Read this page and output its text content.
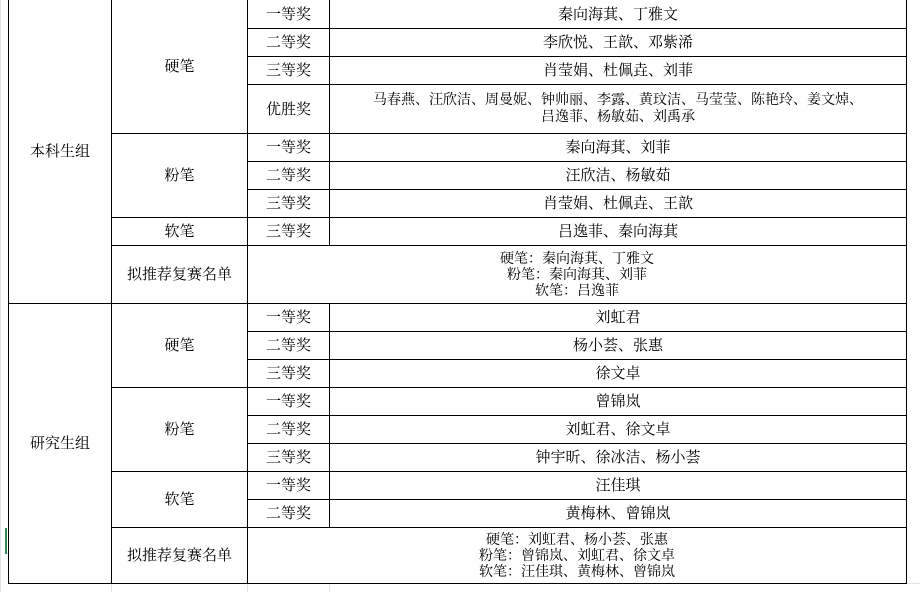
本科生组
硬笔
一等奖	秦向海萁、丁雅文
二等奖	李欣悦、王歆、邓紫浠
三等奖	肖莹娟、杜佩垚、刘菲
优胜奖	马春燕、汪欣洁、周曼妮、钟帅丽、李露、黄玟洁、马莹莹、陈艳玲、姜文焯、
吕逸菲、杨敏茹、刘禹承
粉笔
一等奖	秦向海萁、刘菲
二等奖	汪欣洁、杨敏茹
三等奖	肖莹娟、杜佩垚、王歆
软笔	三等奖	吕逸菲、秦向海萁
拟推荐复赛名单
硬笔：秦向海萁、丁雅文
粉笔：秦向海萁、刘菲
软笔：吕逸菲
研究生组
硬笔
一等奖	刘虹君
二等奖	杨小荟、张惠
三等奖	徐文卓
粉笔
一等奖	曾锦岚
二等奖	刘虹君、徐文卓
三等奖	钟宇昕、徐冰洁、杨小荟
软笔
一等奖	汪佳琪
二等奖	黄梅林、曾锦岚
拟推荐复赛名单
硬笔：刘虹君、杨小荟、张惠
粉笔：曾锦岚、刘虹君、徐文卓
软笔：汪佳琪、黄梅林、曾锦岚
